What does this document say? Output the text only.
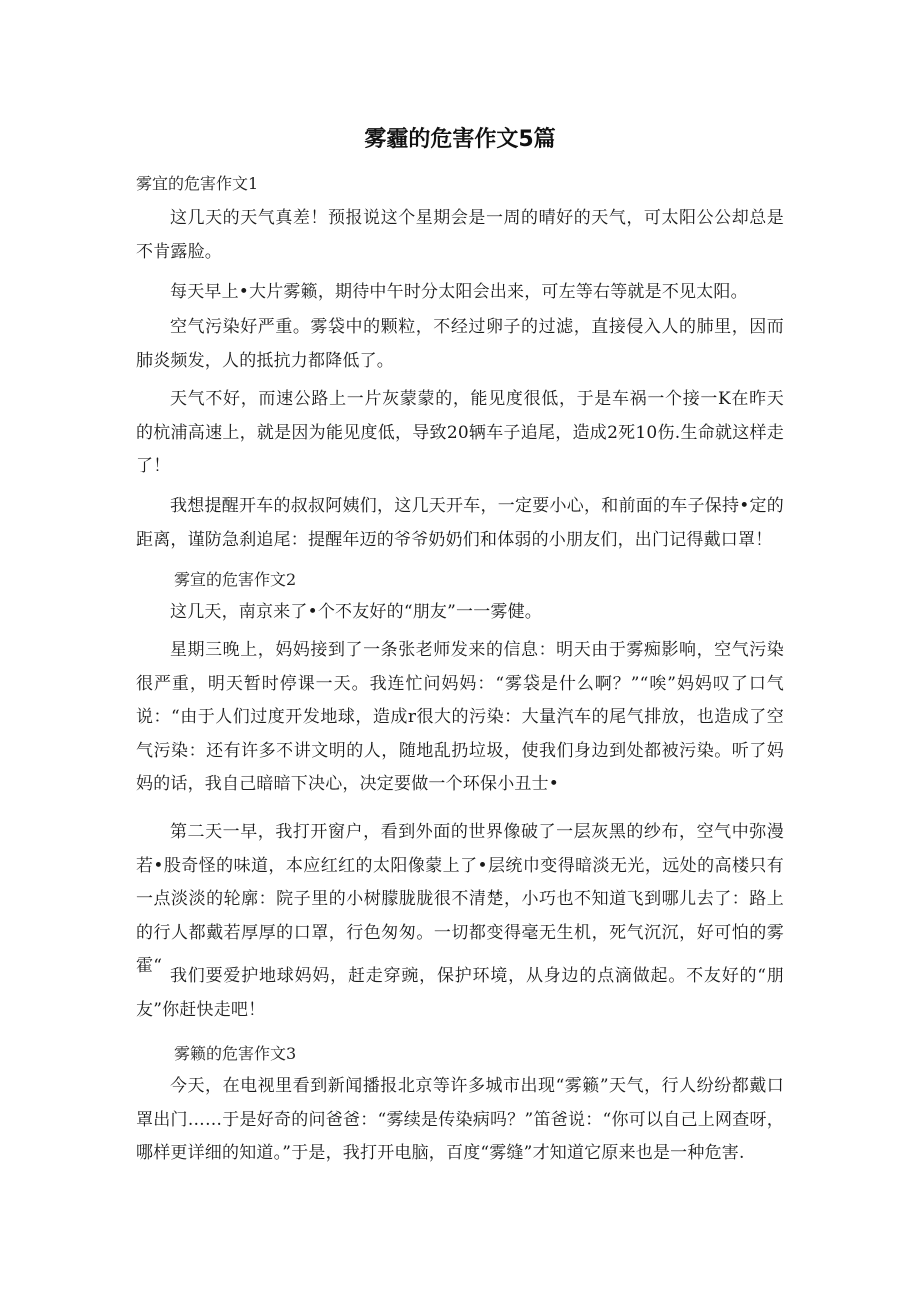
雾霾的危害作文5篇
雾宜的危害作文1
这几天的天气真差！预报说这个星期会是一周的晴好的天气，可太阳公公却总是不肯露脸。
每天早上•大片雾籁，期待中午时分太阳会出来，可左等右等就是不见太阳。
空气污染好严重。雾袋中的颗粒，不经过卵子的过滤，直接侵入人的肺里，因而肺炎频发，人的抵抗力都降低了。
天气不好，而速公路上一片灰蒙蒙的，能见度很低，于是车祸一个接一K在昨天的杭浦高速上，就是因为能见度低，导致20辆车子追尾，造成2死10伤.生命就这样走了！
我想提醒开车的叔叔阿姨们，这几天开车，一定要小心，和前面的车子保持•定的距离，谨防急刹追尾：提醒年迈的爷爷奶奶们和体弱的小朋友们，出门记得戴口罩！
雾宣的危害作文2
这几天，南京来了•个不友好的“朋友”一一雾健。
星期三晚上，妈妈接到了一条张老师发来的信息：明天由于雾痴影响，空气污染很严重，明天暂时停课一天。我连忙问妈妈：“雾袋是什么啊？”“唉”妈妈叹了口气说：“由于人们过度开发地球，造成r很大的污染：大量汽车的尾气排放，也造成了空气污染：还有许多不讲文明的人，随地乱扔垃圾，使我们身边到处都被污染。听了妈妈的话，我自己暗暗下决心，决定要做一个环保小丑士•
第二天一早，我打开窗户，看到外面的世界像破了一层灰黑的纱布，空气中弥漫若•股奇怪的味道，本应红红的太阳像蒙上了•层统巾变得暗淡无光，远处的高楼只有一点淡淡的轮廓：院子里的小树朦胧胧很不清楚，小巧也不知道飞到哪儿去了：路上的行人都戴若厚厚的口罩，行色匆匆。一切都变得毫无生机，死气沉沉，好可怕的雾霍“ 我们要爱护地球妈妈，赶走穿豌，保护环境，从身边的点滴做起。不友好的“朋友”你赶快走吧！
雾籁的危害作文3
今天，在电视里看到新闻播报北京等许多城市出现“雾籁”天气，行人纷纷都戴口罩出门……于是好奇的问爸爸：“雾续是传染病吗？”笛爸说：“你可以自己上网查呀，哪样更详细的知道。”于是，我打开电脑，百度“雾缝”才知道它原来也是一种危害.
